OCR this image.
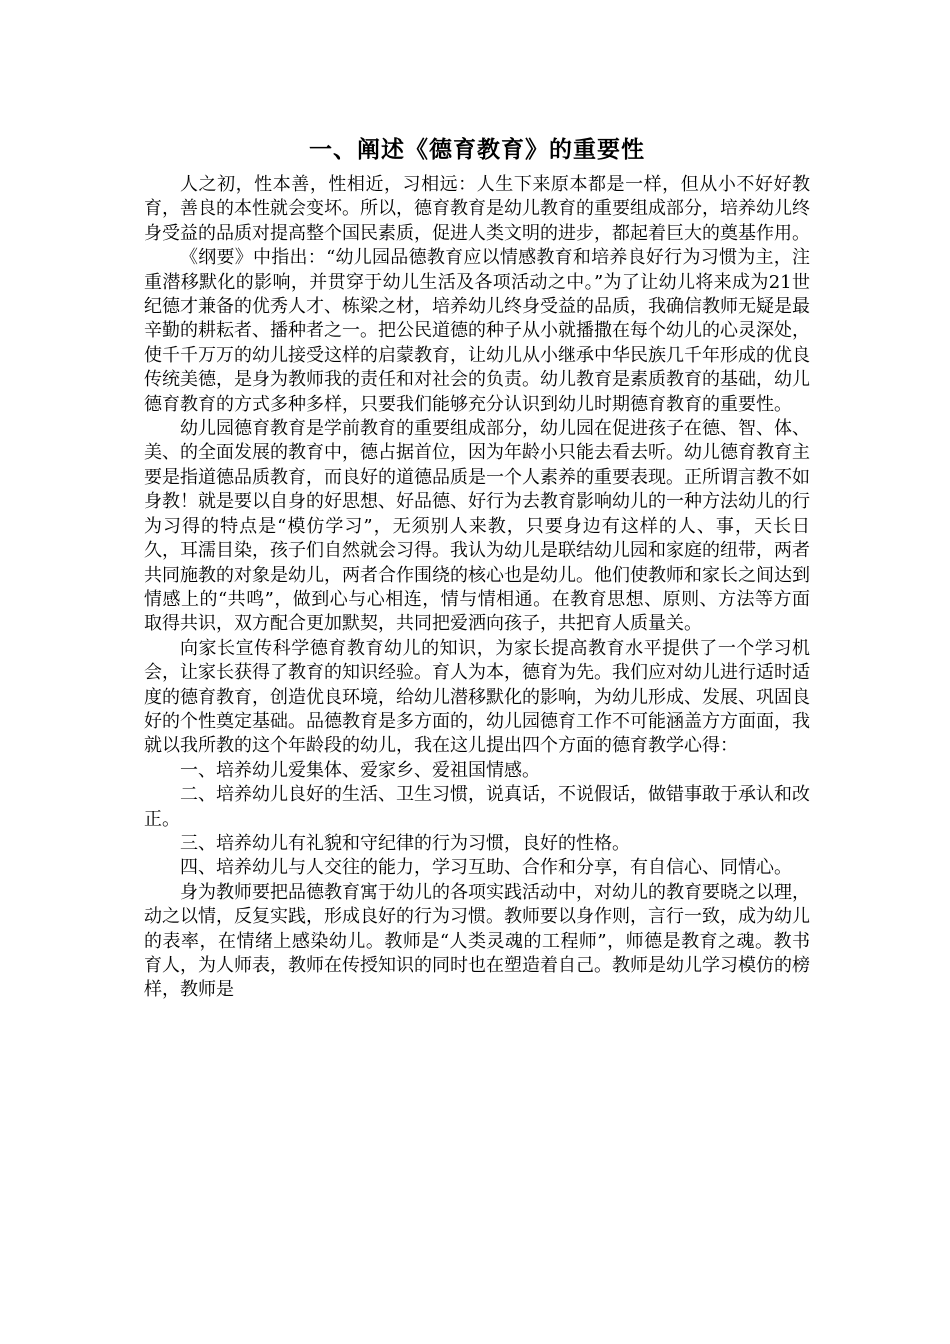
一、阐述《德育教育》的重要性

人之初，性本善，性相近，习相远：人生下来原本都是一样，但从小不好好教育，善良的本性就会变坏。所以，德育教育是幼儿教育的重要组成部分，培养幼儿终身受益的品质对提高整个国民素质，促进人类文明的进步，都起着巨大的奠基作用。

《纲要》中指出：“幼儿园品德教育应以情感教育和培养良好行为习惯为主，注重潜移默化的影响，并贯穿于幼儿生活及各项活动之中。”为了让幼儿将来成为21世纪德才兼备的优秀人才、栋梁之材，培养幼儿终身受益的品质，我确信教师无疑是最辛勤的耕耘者、播种者之一。把公民道德的种子从小就播撒在每个幼儿的心灵深处，使千千万万的幼儿接受这样的启蒙教育，让幼儿从小继承中华民族几千年形成的优良传统美德，是身为教师我的责任和对社会的负责。幼儿教育是素质教育的基础，幼儿德育教育的方式多种多样，只要我们能够充分认识到幼儿时期德育教育的重要性。

幼儿园德育教育是学前教育的重要组成部分，幼儿园在促进孩子在德、智、体、美、的全面发展的教育中，德占据首位，因为年龄小只能去看去听。幼儿德育教育主要是指道德品质教育，而良好的道德品质是一个人素养的重要表现。正所谓言教不如身教！就是要以自身的好思想、好品德、好行为去教育影响幼儿的一种方法幼儿的行为习得的特点是“模仿学习”，无须别人来教，只要身边有这样的人、事，天长日久，耳濡目染，孩子们自然就会习得。我认为幼儿是联结幼儿园和家庭的纽带，两者共同施教的对象是幼儿，两者合作围绕的核心也是幼儿。他们使教师和家长之间达到情感上的“共鸣”，做到心与心相连，情与情相通。在教育思想、原则、方法等方面取得共识，双方配合更加默契，共同把爱洒向孩子，共把育人质量关。

向家长宣传科学德育教育幼儿的知识，为家长提高教育水平提供了一个学习机会，让家长获得了教育的知识经验。育人为本，德育为先。我们应对幼儿进行适时适度的德育教育，创造优良环境，给幼儿潜移默化的影响，为幼儿形成、发展、巩固良好的个性奠定基础。品德教育是多方面的，幼儿园德育工作不可能涵盖方方面面，我就以我所教的这个年龄段的幼儿，我在这儿提出四个方面的德育教学心得：

一、培养幼儿爱集体、爱家乡、爱祖国情感。

二、培养幼儿良好的生活、卫生习惯，说真话，不说假话，做错事敢于承认和改正。

三、培养幼儿有礼貌和守纪律的行为习惯，良好的性格。

四、培养幼儿与人交往的能力，学习互助、合作和分享，有自信心、同情心。

身为教师要把品德教育寓于幼儿的各项实践活动中，对幼儿的教育要晓之以理，动之以情，反复实践，形成良好的行为习惯。教师要以身作则，言行一致，成为幼儿的表率，在情绪上感染幼儿。教师是“人类灵魂的工程师”，师德是教育之魂。教书育人，为人师表，教师在传授知识的同时也在塑造着自己。教师是幼儿学习模仿的榜样，教师是
